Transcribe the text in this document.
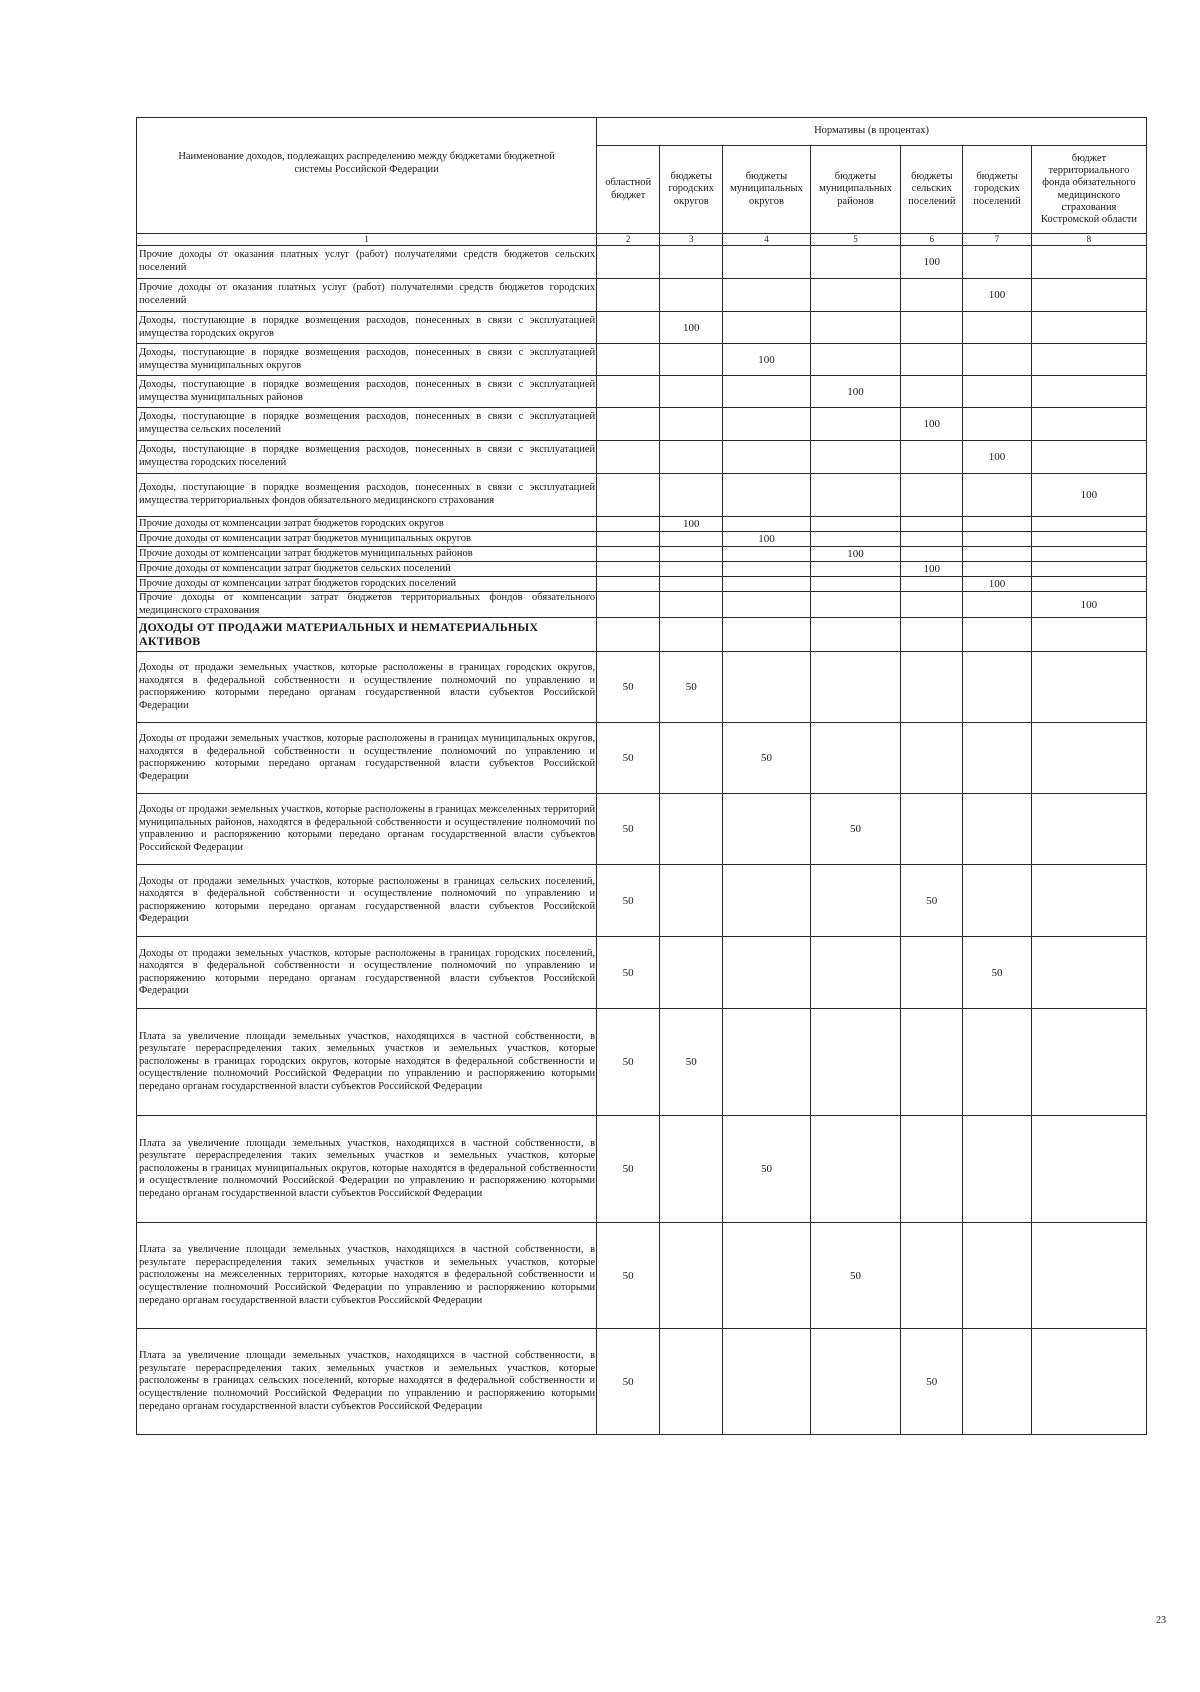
Наименование доходов, подлежащих распределению между бюджетами бюджетной системы Российской Федерации	Нормативы (в процентах)						
	областной бюджет	бюджеты городских округов	бюджеты муниципальных округов	бюджеты муниципальных районов	бюджеты сельских поселений	бюджеты городских поселений	бюджет территориального фонда обязательного медицинского страхования Костромской области
1	2	3	4	5	6	7	8
Прочие доходы от оказания платных услуг (работ) получателями средств бюджетов сельских поселений					100		
Прочие доходы от оказания платных услуг (работ) получателями средств бюджетов городских поселений						100	
Доходы, поступающие в порядке возмещения расходов, понесенных в связи с эксплуатацией имущества городских округов		100					
Доходы, поступающие в порядке возмещения расходов, понесенных в связи с эксплуатацией имущества муниципальных округов			100				
Доходы, поступающие в порядке возмещения расходов, понесенных в связи с эксплуатацией имущества муниципальных районов				100			
Доходы, поступающие в порядке возмещения расходов, понесенных в связи с эксплуатацией имущества сельских поселений					100		
Доходы, поступающие в порядке возмещения расходов, понесенных в связи с эксплуатацией имущества городских поселений						100	
Доходы, поступающие в порядке возмещения расходов, понесенных в связи с эксплуатацией имущества территориальных фондов обязательного медицинского страхования							100
Прочие доходы от компенсации затрат бюджетов городских округов		100					
Прочие доходы от компенсации затрат бюджетов муниципальных округов			100				
Прочие доходы от компенсации затрат бюджетов муниципальных районов				100			
Прочие доходы от компенсации затрат бюджетов сельских поселений					100		
Прочие доходы от компенсации затрат бюджетов городских поселений						100	
Прочие доходы от компенсации затрат бюджетов территориальных фондов обязательного медицинского страхования							100
ДОХОДЫ ОТ ПРОДАЖИ МАТЕРИАЛЬНЫХ И НЕМАТЕРИАЛЬНЫХ АКТИВОВ							
Доходы от продажи земельных участков, которые расположены в границах городских округов, находятся в федеральной собственности и осуществление полномочий по управлению и распоряжению которыми передано органам государственной власти субъектов Российской Федерации	50	50					
Доходы от продажи земельных участков, которые расположены в границах муниципальных округов, находятся в федеральной собственности и осуществление полномочий по управлению и распоряжению которыми передано органам государственной власти субъектов Российской Федерации	50		50				
Доходы от продажи земельных участков, которые расположены в границах межселенных территорий муниципальных районов, находятся в федеральной собственности и осуществление полномочий по управлению и распоряжению которыми передано органам государственной власти субъектов Российской Федерации	50			50			
Доходы от продажи земельных участков, которые расположены в границах сельских поселений, находятся в федеральной собственности и осуществление полномочий по управлению и распоряжению которыми передано органам государственной власти субъектов Российской Федерации	50				50		
Доходы от продажи земельных участков, которые расположены в границах городских поселений, находятся в федеральной собственности и осуществление полномочий по управлению и распоряжению которыми передано органам государственной власти субъектов Российской Федерации	50					50	
Плата за увеличение площади земельных участков, находящихся в частной собственности, в результате перераспределения таких земельных участков и земельных участков, которые расположены в границах городских округов, которые находятся в федеральной собственности и осуществление полномочий Российской Федерации по управлению и распоряжению которыми передано органам государственной власти субъектов Российской Федерации	50	50					
Плата за увеличение площади земельных участков, находящихся в частной собственности, в результате перераспределения таких земельных участков и земельных участков, которые расположены в границах муниципальных округов, которые находятся в федеральной собственности и осуществление полномочий Российской Федерации по управлению и распоряжению которыми передано органам государственной власти субъектов Российской Федерации	50		50				
Плата за увеличение площади земельных участков, находящихся в частной собственности, в результате перераспределения таких земельных участков и земельных участков, которые расположены на межселенных территориях, которые находятся в федеральной собственности и осуществление полномочий Российской Федерации по управлению и распоряжению которыми передано органам государственной власти субъектов Российской Федерации	50			50			
Плата за увеличение площади земельных участков, находящихся в частной собственности, в результате перераспределения таких земельных участков и земельных участков, которые расположены в границах сельских поселений, которые находятся в федеральной собственности и осуществление полномочий Российской Федерации по управлению и распоряжению которыми передано органам государственной власти субъектов Российской Федерации	50				50		
23
